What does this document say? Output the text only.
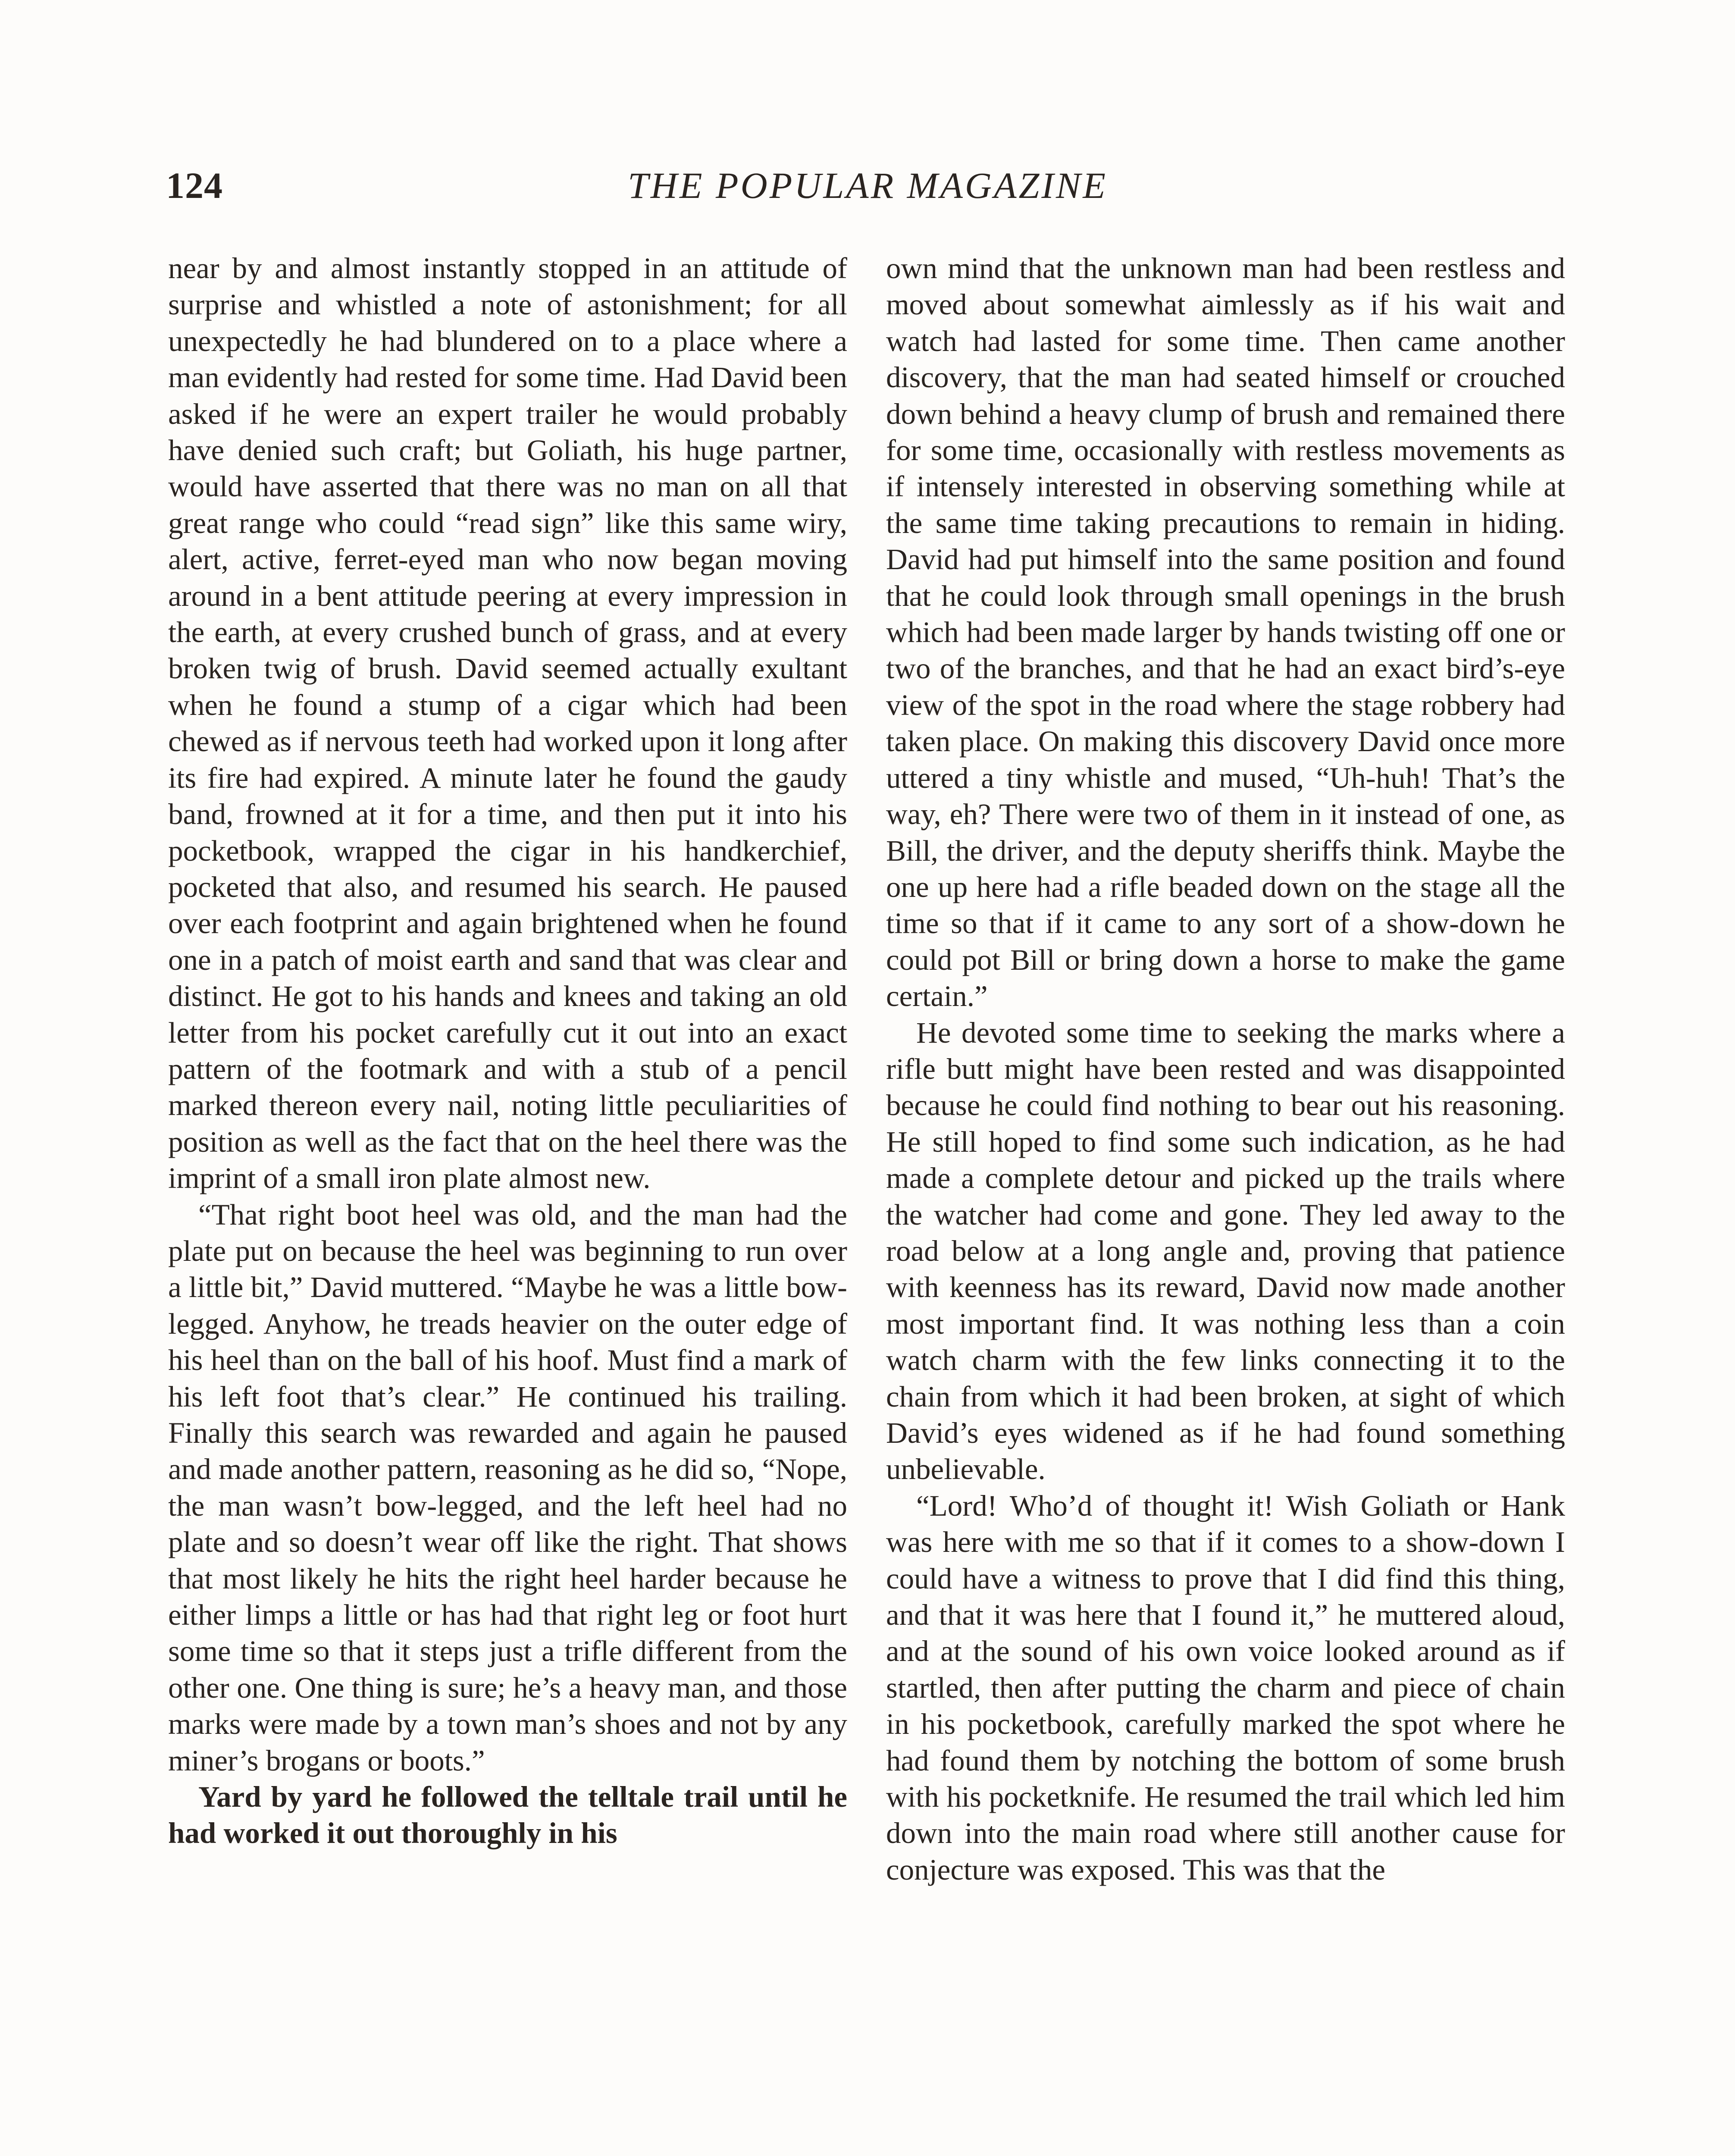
124	THE POPULAR MAGAZINE

near by and almost instantly stopped in an attitude of surprise and whistled a note of astonishment; for all unexpectedly he had blundered on to a place where a man evidently had rested for some time. Had David been asked if he were an expert trailer he would probably have denied such craft; but Goliath, his huge partner, would have asserted that there was no man on all that great range who could “read sign” like this same wiry, alert, active, ferret-eyed man who now began moving around in a bent attitude peering at every impression in the earth, at every crushed bunch of grass, and at every broken twig of brush. David seemed actually exultant when he found a stump of a cigar which had been chewed as if nervous teeth had worked upon it long after its fire had expired. A minute later he found the gaudy band, frowned at it for a time, and then put it into his pocketbook, wrapped the cigar in his handkerchief, pocketed that also, and resumed his search. He paused over each footprint and again brightened when he found one in a patch of moist earth and sand that was clear and distinct. He got to his hands and knees and taking an old letter from his pocket carefully cut it out into an exact pattern of the footmark and with a stub of a pencil marked thereon every nail, noting little peculiarities of position as well as the fact that on the heel there was the imprint of a small iron plate almost new.

“That right boot heel was old, and the man had the plate put on because the heel was beginning to run over a little bit,” David muttered. “Maybe he was a little bow-legged. Anyhow, he treads heavier on the outer edge of his heel than on the ball of his hoof. Must find a mark of his left foot that’s clear.” He continued his trailing. Finally this search was rewarded and again he paused and made another pattern, reasoning as he did so, “Nope, the man wasn’t bow-legged, and the left heel had no plate and so doesn’t wear off like the right. That shows that most likely he hits the right heel harder because he either limps a little or has had that right leg or foot hurt some time so that it steps just a trifle different from the other one. One thing is sure; he’s a heavy man, and those marks were made by a town man’s shoes and not by any miner’s brogans or boots.”

Yard by yard he followed the telltale trail until he had worked it out thoroughly in his

own mind that the unknown man had been restless and moved about somewhat aimlessly as if his wait and watch had lasted for some time. Then came another discovery, that the man had seated himself or crouched down behind a heavy clump of brush and remained there for some time, occasionally with restless movements as if intensely interested in observing something while at the same time taking precautions to remain in hiding. David had put himself into the same position and found that he could look through small openings in the brush which had been made larger by hands twisting off one or two of the branches, and that he had an exact bird’s-eye view of the spot in the road where the stage robbery had taken place. On making this discovery David once more uttered a tiny whistle and mused, “Uh-huh! That’s the way, eh? There were two of them in it instead of one, as Bill, the driver, and the deputy sheriffs think. Maybe the one up here had a rifle beaded down on the stage all the time so that if it came to any sort of a show-down he could pot Bill or bring down a horse to make the game certain.”

He devoted some time to seeking the marks where a rifle butt might have been rested and was disappointed because he could find nothing to bear out his reasoning. He still hoped to find some such indication, as he had made a complete detour and picked up the trails where the watcher had come and gone. They led away to the road below at a long angle and, proving that patience with keenness has its reward, David now made another most important find. It was nothing less than a coin watch charm with the few links connecting it to the chain from which it had been broken, at sight of which David’s eyes widened as if he had found something unbelievable.

“Lord! Who’d of thought it! Wish Goliath or Hank was here with me so that if it comes to a show-down I could have a witness to prove that I did find this thing, and that it was here that I found it,” he muttered aloud, and at the sound of his own voice looked around as if startled, then after putting the charm and piece of chain in his pocketbook, carefully marked the spot where he had found them by notching the bottom of some brush with his pocketknife. He resumed the trail which led him down into the main road where still another cause for conjecture was exposed. This was that the
